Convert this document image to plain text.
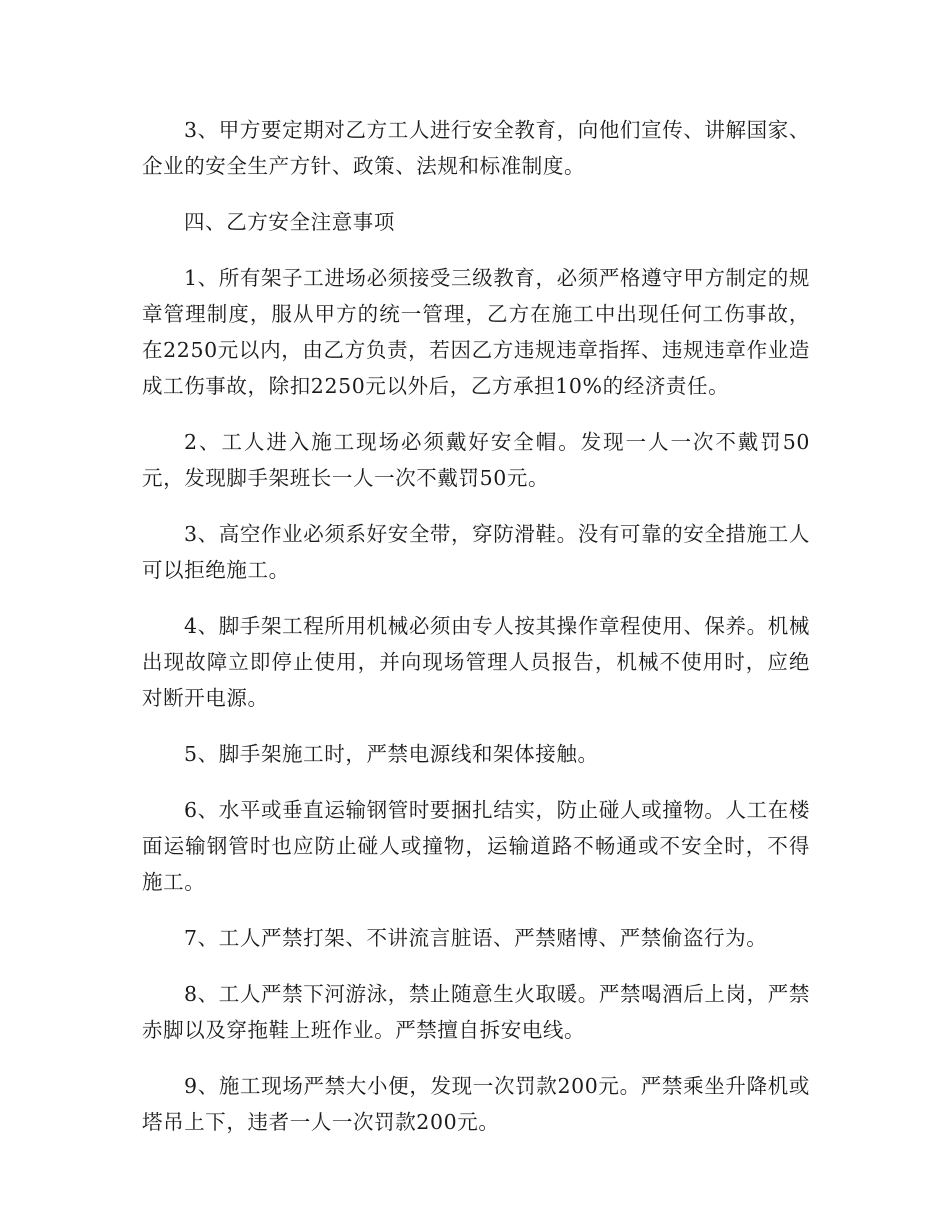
3、甲方要定期对乙方工人进行安全教育，向他们宣传、讲解国家、企业的安全生产方针、政策、法规和标准制度。

四、乙方安全注意事项

1、所有架子工进场必须接受三级教育，必须严格遵守甲方制定的规章管理制度，服从甲方的统一管理，乙方在施工中出现任何工伤事故，在2250元以内，由乙方负责，若因乙方违规违章指挥、违规违章作业造成工伤事故，除扣2250元以外后，乙方承担10%的经济责任。

2、工人进入施工现场必须戴好安全帽。发现一人一次不戴罚50元，发现脚手架班长一人一次不戴罚50元。

3、高空作业必须系好安全带，穿防滑鞋。没有可靠的安全措施工人可以拒绝施工。

4、脚手架工程所用机械必须由专人按其操作章程使用、保养。机械出现故障立即停止使用，并向现场管理人员报告，机械不使用时，应绝对断开电源。

5、脚手架施工时，严禁电源线和架体接触。

6、水平或垂直运输钢管时要捆扎结实，防止碰人或撞物。人工在楼面运输钢管时也应防止碰人或撞物，运输道路不畅通或不安全时，不得施工。

7、工人严禁打架、不讲流言脏语、严禁赌博、严禁偷盗行为。

8、工人严禁下河游泳，禁止随意生火取暖。严禁喝酒后上岗，严禁赤脚以及穿拖鞋上班作业。严禁擅自拆安电线。

9、施工现场严禁大小便，发现一次罚款200元。严禁乘坐升降机或塔吊上下，违者一人一次罚款200元。
